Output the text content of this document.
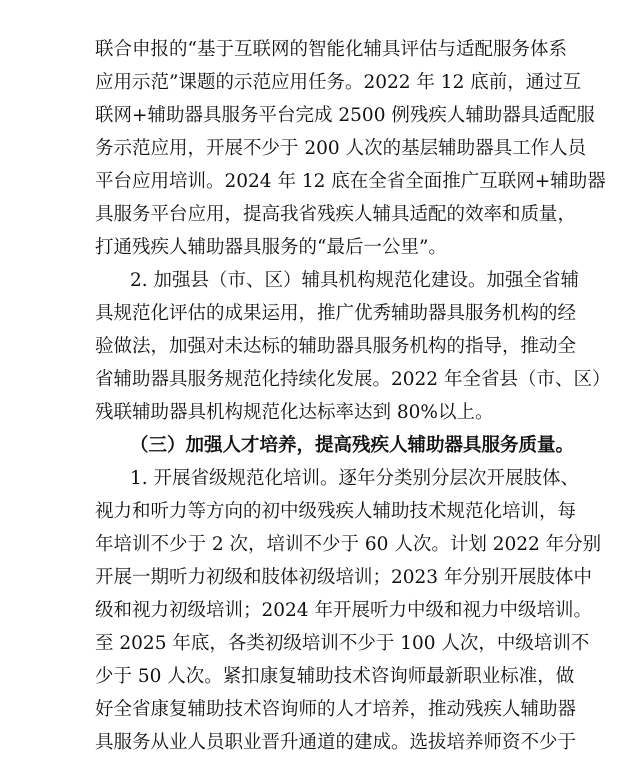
联合申报的“基于互联网的智能化辅具评估与适配服务体系
应用示范”课题的示范应用任务。2022 年 12 底前，通过互
联网+辅助器具服务平台完成 2500 例残疾人辅助器具适配服
务示范应用，开展不少于 200 人次的基层辅助器具工作人员
平台应用培训。2024 年 12 底在全省全面推广互联网+辅助器
具服务平台应用，提高我省残疾人辅具适配的效率和质量，
打通残疾人辅助器具服务的“最后一公里”。
2. 加强县（市、区）辅具机构规范化建设。加强全省辅
具规范化评估的成果运用，推广优秀辅助器具服务机构的经
验做法，加强对未达标的辅助器具服务机构的指导，推动全
省辅助器具服务规范化持续化发展。2022 年全省县（市、区）
残联辅助器具机构规范化达标率达到 80%以上。
（三）加强人才培养，提高残疾人辅助器具服务质量。
1. 开展省级规范化培训。逐年分类别分层次开展肢体、
视力和听力等方向的初中级残疾人辅助技术规范化培训，每
年培训不少于 2 次，培训不少于 60 人次。计划 2022 年分别
开展一期听力初级和肢体初级培训；2023 年分别开展肢体中
级和视力初级培训；2024 年开展听力中级和视力中级培训。
至 2025 年底，各类初级培训不少于 100 人次，中级培训不
少于 50 人次。紧扣康复辅助技术咨询师最新职业标准，做
好全省康复辅助技术咨询师的人才培养，推动残疾人辅助器
具服务从业人员职业晋升通道的建成。选拔培养师资不少于
